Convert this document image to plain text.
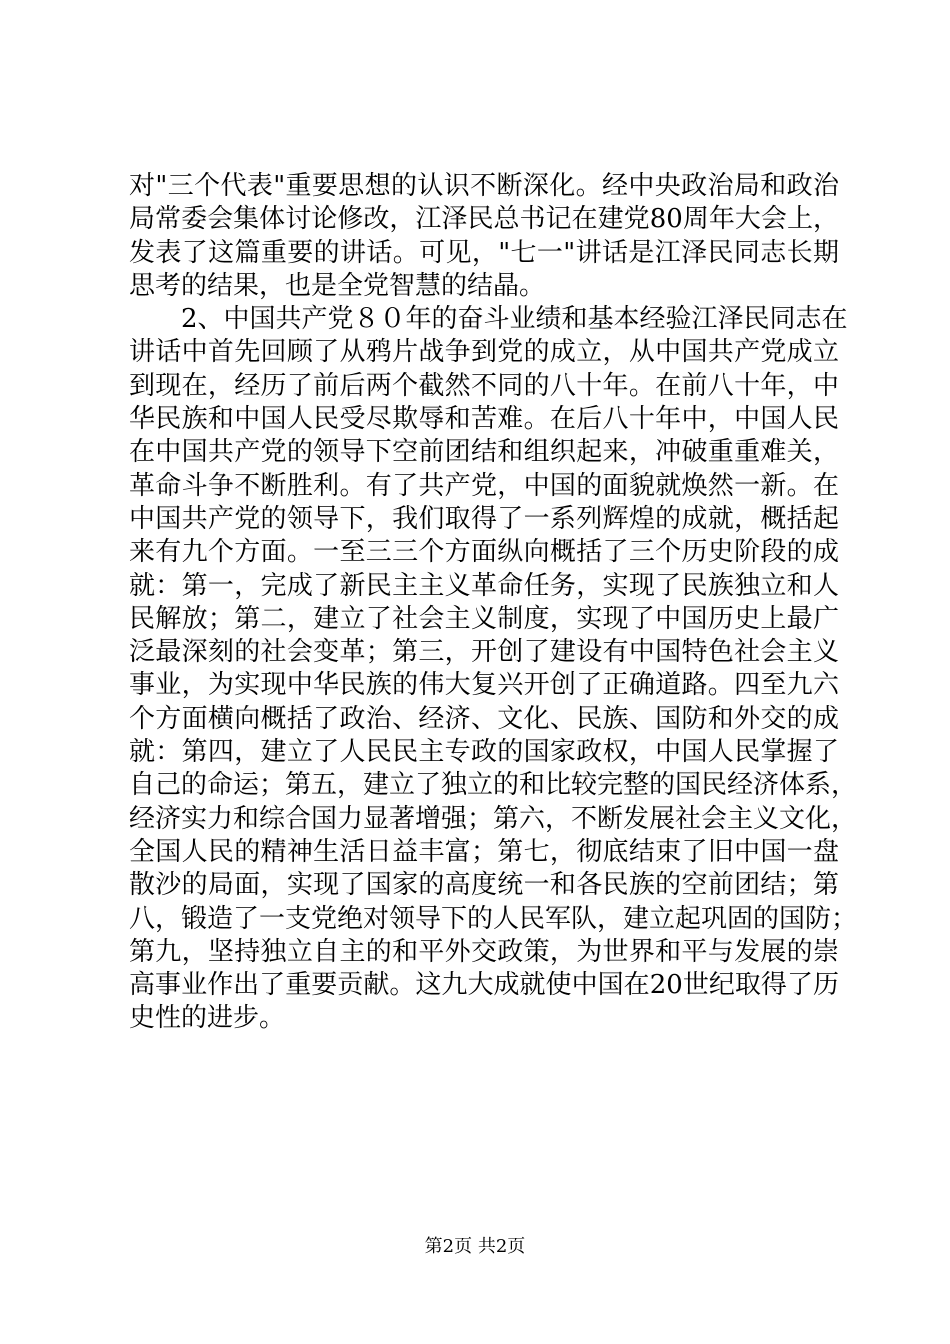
对"三个代表"重要思想的认识不断深化。经中央政治局和政治
局常委会集体讨论修改，江泽民总书记在建党80周年大会上，
发表了这篇重要的讲话。可见，"七一"讲话是江泽民同志长期
思考的结果，也是全党智慧的结晶。
　　2、中国共产党８０年的奋斗业绩和基本经验江泽民同志在
讲话中首先回顾了从鸦片战争到党的成立，从中国共产党成立
到现在，经历了前后两个截然不同的八十年。在前八十年，中
华民族和中国人民受尽欺辱和苦难。在后八十年中，中国人民
在中国共产党的领导下空前团结和组织起来，冲破重重难关，
革命斗争不断胜利。有了共产党，中国的面貌就焕然一新。在
中国共产党的领导下，我们取得了一系列辉煌的成就，概括起
来有九个方面。一至三三个方面纵向概括了三个历史阶段的成
就：第一，完成了新民主主义革命任务，实现了民族独立和人
民解放；第二，建立了社会主义制度，实现了中国历史上最广
泛最深刻的社会变革；第三，开创了建设有中国特色社会主义
事业，为实现中华民族的伟大复兴开创了正确道路。四至九六
个方面横向概括了政治、经济、文化、民族、国防和外交的成
就：第四，建立了人民民主专政的国家政权，中国人民掌握了
自己的命运；第五，建立了独立的和比较完整的国民经济体系，
经济实力和综合国力显著增强；第六，不断发展社会主义文化，
全国人民的精神生活日益丰富；第七，彻底结束了旧中国一盘
散沙的局面，实现了国家的高度统一和各民族的空前团结；第
八，锻造了一支党绝对领导下的人民军队，建立起巩固的国防；
第九，坚持独立自主的和平外交政策，为世界和平与发展的崇
高事业作出了重要贡献。这九大成就使中国在20世纪取得了历
史性的进步。
第2页 共2页
